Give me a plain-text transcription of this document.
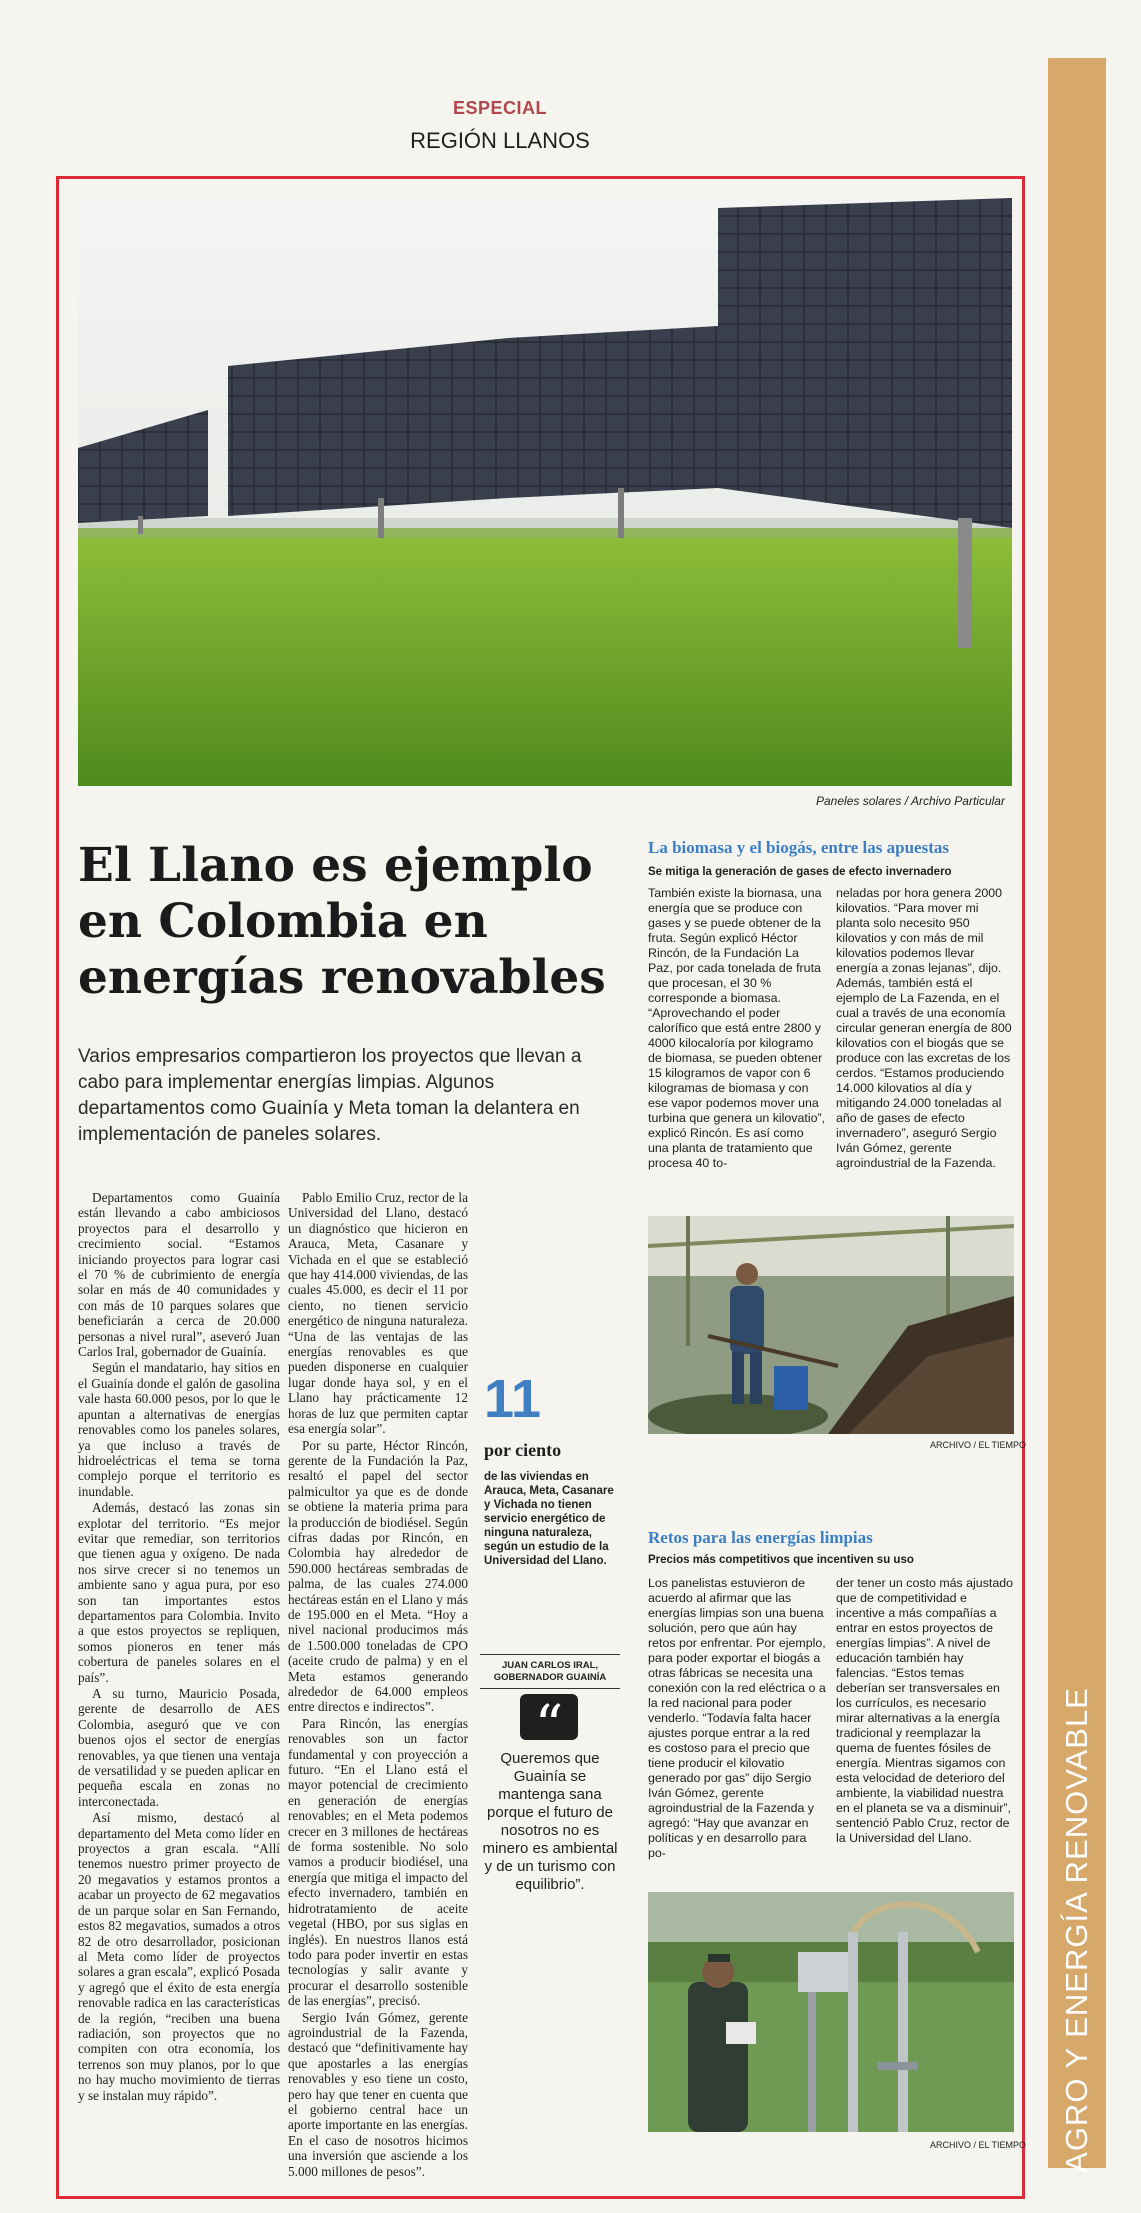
AGRO Y ENERGÍA RENOVABLE
ESPECIAL
REGIÓN LLANOS
Paneles solares / Archivo Particular
El Llano es ejemplo en Colombia en energías renovables

Varios empresarios compartieron los proyectos que llevan a cabo para implementar energías limpias. Algunos departamentos como Guainía y Meta toman la delantera en implementación de paneles solares.

Departamentos como Guainía están llevando a cabo ambiciosos proyectos para el desarrollo y crecimiento social. “Estamos iniciando proyectos para lograr casi el 70 % de cubrimiento de energía solar en más de 40 comunidades y con más de 10 parques solares que beneficiarán a cerca de 20.000 personas a nivel rural”, aseveró Juan Carlos Iral, gobernador de Guainía.

Según el mandatario, hay sitios en el Guainía donde el galón de gasolina vale hasta 60.000 pesos, por lo que le apuntan a alternativas de energías renovables como los paneles solares, ya que incluso a través de hidroeléctricas el tema se torna complejo porque el territorio es inundable.

Además, destacó las zonas sin explotar del territorio. “Es mejor evitar que remediar, son territorios que tienen agua y oxígeno. De nada nos sirve crecer si no tenemos un ambiente sano y agua pura, por eso son tan importantes estos departamentos para Colombia. Invito a que estos proyectos se repliquen, somos pioneros en tener más cobertura de paneles solares en el país”.

A su turno, Mauricio Posada, gerente de desarrollo de AES Colombia, aseguró que ve con buenos ojos el sector de energías renovables, ya que tienen una ventaja de versatilidad y se pueden aplicar en pequeña escala en zonas no interconectada.

Así mismo, destacó al departamento del Meta como líder en proyectos a gran escala. “Allí tenemos nuestro primer proyecto de 20 megavatios y estamos prontos a acabar un proyecto de 62 megavatios de un parque solar en San Fernando, estos 82 megavatios, sumados a otros 82 de otro desarrollador, posicionan al Meta como líder de proyectos solares a gran escala”, explicó Posada y agregó que el éxito de esta energía renovable radica en las características de la región, “reciben una buena radiación, son proyectos que no compiten con otra economía, los terrenos son muy planos, por lo que no hay mucho movimiento de tierras y se instalan muy rápido”.

Pablo Emilio Cruz, rector de la Universidad del Llano, destacó un diagnóstico que hicieron en Arauca, Meta, Casanare y Vichada en el que se estableció que hay 414.000 viviendas, de las cuales 45.000, es decir el 11 por ciento, no tienen servicio energético de ninguna naturaleza. “Una de las ventajas de las energías renovables es que pueden disponerse en cualquier lugar donde haya sol, y en el Llano hay prácticamente 12 horas de luz que permiten captar esa energía solar”.

Por su parte, Héctor Rincón, gerente de la Fundación la Paz, resaltó el papel del sector palmicultor ya que es de donde se obtiene la materia prima para la producción de biodiésel. Según cifras dadas por Rincón, en Colombia hay alrededor de 590.000 hectáreas sembradas de palma, de las cuales 274.000 hectáreas están en el Llano y más de 195.000 en el Meta. “Hoy a nivel nacional producimos más de 1.500.000 toneladas de CPO (aceite crudo de palma) y en el Meta estamos generando alrededor de 64.000 empleos entre directos e indirectos”.

Para Rincón, las energías renovables son un factor fundamental y con proyección a futuro. “En el Llano está el mayor potencial de crecimiento en generación de energías renovables; en el Meta podemos crecer en 3 millones de hectáreas de forma sostenible. No solo vamos a producir biodiésel, una energía que mitiga el impacto del efecto invernadero, también en hidrotratamiento de aceite vegetal (HBO, por sus siglas en inglés). En nuestros llanos está todo para poder invertir en estas tecnologías y salir avante y procurar el desarrollo sostenible de las energías”, precisó.

Sergio Iván Gómez, gerente agroindustrial de la Fazenda, destacó que “definitivamente hay que apostarles a las energías renovables y eso tiene un costo, pero hay que tener en cuenta que el gobierno central hace un aporte importante en las energías. En el caso de nosotros hicimos una inversión que asciende a los 5.000 millones de pesos”.

11
por ciento
de las viviendas en Arauca, Meta, Casanare y Vichada no tienen servicio energético de ninguna naturaleza, según un estudio de la Universidad del Llano.
JUAN CARLOS IRAL, GOBERNADOR GUAINÍA
“
Queremos que Guainía se mantenga sana porque el futuro de nosotros no es minero es ambiental y de un turismo con equilibrio”.
La biomasa y el biogás, entre las apuestas
Se mitiga la generación de gases de efecto invernadero
También existe la biomasa, una energía que se produce con gases y se puede obtener de la fruta. Según explicó Héctor Rincón, de la Fundación La Paz, por cada tonelada de fruta que procesan, el 30 % corresponde a biomasa. “Aprovechando el poder calorífico que está entre 2800 y 4000 kilocaloría por kilogramo de biomasa, se pueden obtener 15 kilogramos de vapor con 6 kilogramas de biomasa y con ese vapor podemos mover una turbina que genera un kilovatio”, explicó Rincón. Es así como una planta de tratamiento que procesa 40 to-
neladas por hora genera 2000 kilovatios. “Para mover mi planta solo necesito 950 kilovatios y con más de mil kilovatios podemos llevar energía a zonas lejanas”, dijo. Además, también está el ejemplo de La Fazenda, en el cual a través de una economía circular generan energía de 800 kilovatios con el biogás que se produce con las excretas de los cerdos. “Estamos produciendo 14.000 kilovatios al día y mitigando 24.000 toneladas al año de gases de efecto invernadero”, aseguró Sergio Iván Gómez, gerente agroindustrial de la Fazenda.
ARCHIVO / EL TIEMPO
Retos para las energías limpias
Precios más competitivos que incentiven su uso
Los panelistas estuvieron de acuerdo al afirmar que las energías limpias son una buena solución, pero que aún hay retos por enfrentar. Por ejemplo, para poder exportar el biogás a otras fábricas se necesita una conexión con la red eléctrica o a la red nacional para poder venderlo. “Todavía falta hacer ajustes porque entrar a la red es costoso para el precio que tiene producir el kilovatio generado por gas” dijo Sergio Iván Gómez, gerente agroindustrial de la Fazenda y agregó: “Hay que avanzar en políticas y en desarrollo para po-
der tener un costo más ajustado que de competitividad e incentive a más compañías a entrar en estos proyectos de energías limpias”. A nivel de educación también hay falencias. “Estos temas deberían ser transversales en los currículos, es necesario mirar alternativas a la energía tradicional y reemplazar la quema de fuentes fósiles de energía. Mientras sigamos con esta velocidad de deterioro del ambiente, la viabilidad nuestra en el planeta se va a disminuir”, sentenció Pablo Cruz, rector de la Universidad del Llano.
ARCHIVO / EL TIEMPO
